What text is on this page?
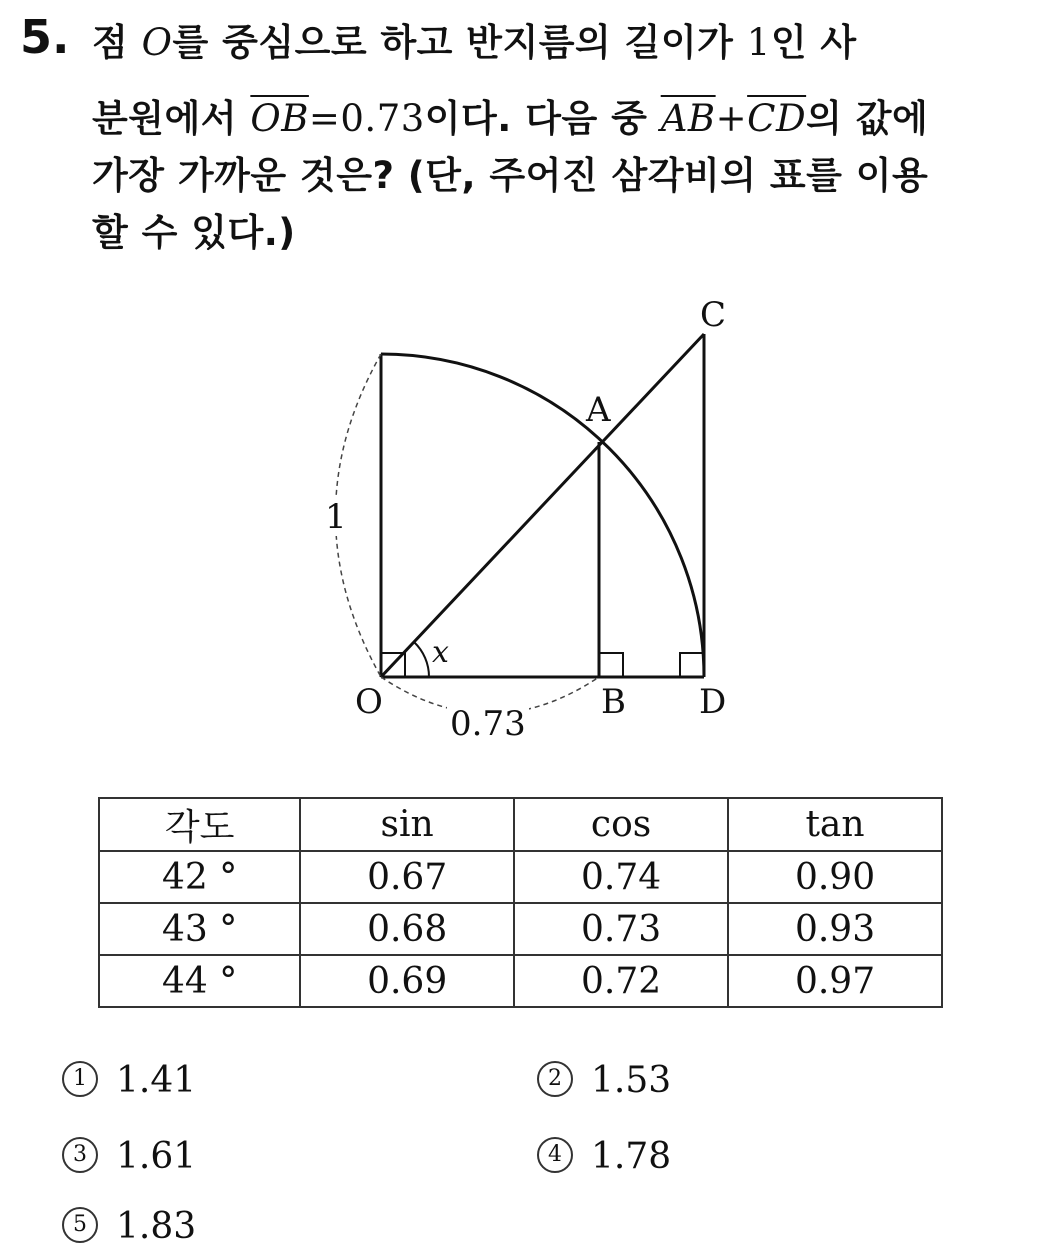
5. 점 O를 중심으로 하고 반지름의 길이가 1인 사
분원에서 $\overline{OB}=0.73$이다. 다음 중 $\overline{AB}+\overline{CD}$의 값에
가장 가까운 것은? (단, 주어진 삼각비의 표를 이용
할 수 있다.)
O
A
B
C
D
x
1
0.73
각도	sin	cos	tan
42 °	0.67	0.74	0.90
43 °	0.68	0.73	0.93
44 °	0.69	0.72	0.97
1 1.41	2 1.53
3 1.61	4 1.78
5 1.83
